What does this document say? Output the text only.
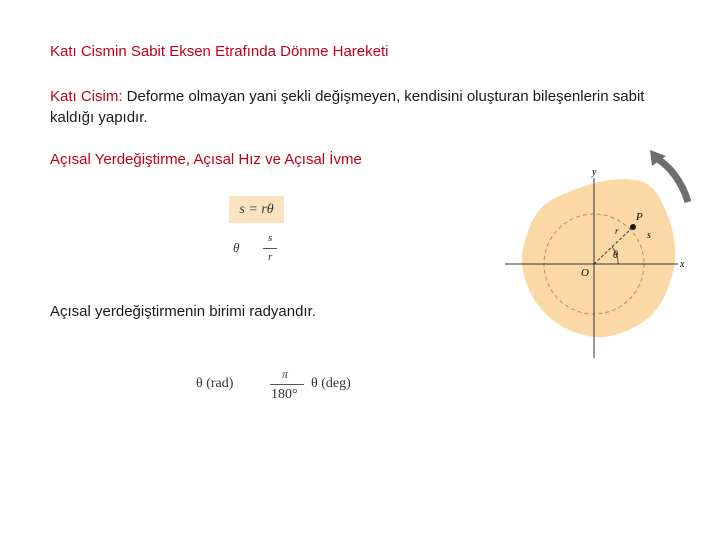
Katı Cismin Sabit Eksen Etrafında Dönme Hareketi
Katı Cisim: Deforme olmayan yani şekli değişmeyen, kendisini oluşturan bileşenlerin sabit kaldığı yapıdır.
Açısal Yerdeğiştirme, Açısal Hız ve Açısal İvme
s = rθ
θ
s
r
Açısal yerdeğiştirmenin birimi radyandır.
θ (rad)
π
180°
θ (deg)
x
y
O
P
r	s
θ
